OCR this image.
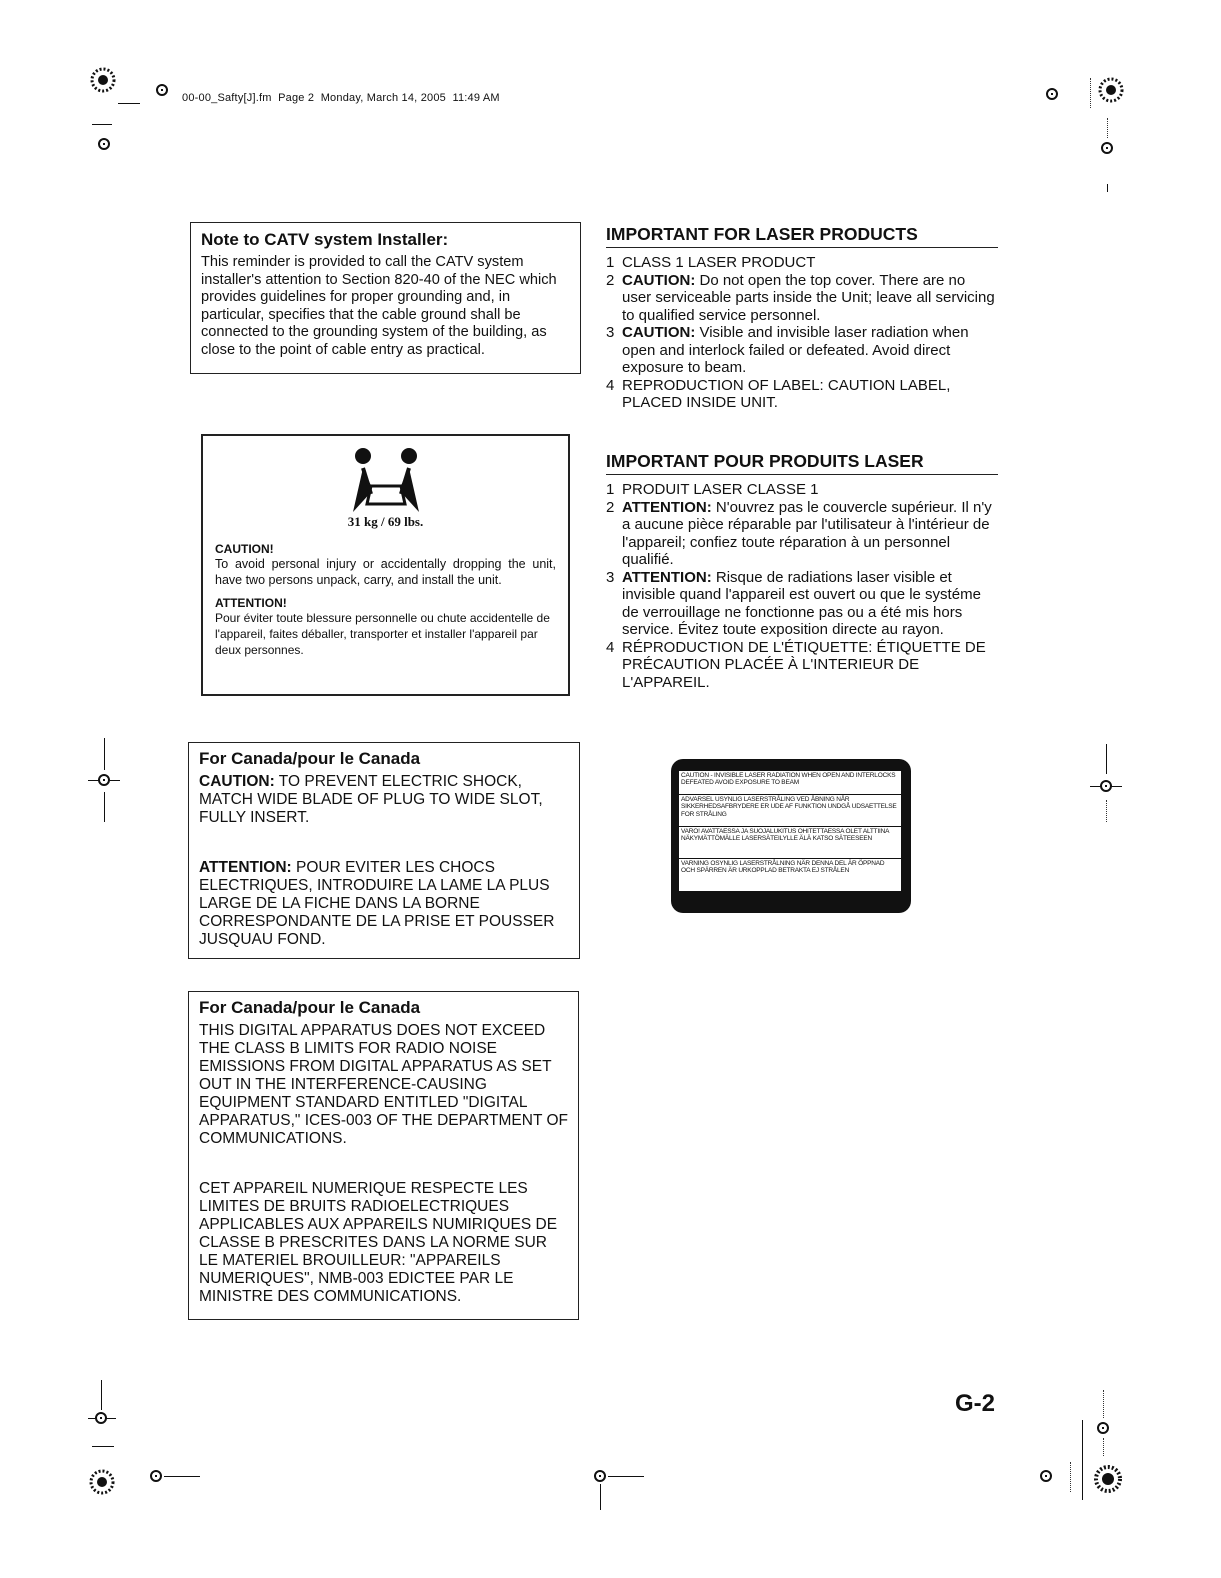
00-00_Safty[J].fm  Page 2  Monday, March 14, 2005  11:49 AM

Note to CATV system Installer:

This reminder is provided to call the CATV system installer's attention to Section 820-40 of the NEC which provides guidelines for proper grounding and, in particular, specifies that the cable ground shall be connected to the grounding system of the building, as close to the point of cable entry as practical.

31 kg / 69 lbs.
CAUTION!
To avoid personal injury or accidentally dropping the unit, have two persons unpack, carry, and install the unit.
ATTENTION!
Pour éviter toute blessure personnelle ou chute accidentelle de l'appareil, faites déballer, transporter et installer l'appareil par deux personnes.

For Canada/pour le Canada

CAUTION: TO PREVENT ELECTRIC SHOCK, MATCH WIDE BLADE OF PLUG TO WIDE SLOT, FULLY INSERT.

ATTENTION: POUR EVITER LES CHOCS ELECTRIQUES, INTRODUIRE LA LAME LA PLUS LARGE DE LA FICHE DANS LA BORNE CORRESPONDANTE DE LA PRISE ET POUSSER JUSQUAU FOND.

For Canada/pour le Canada

THIS DIGITAL APPARATUS DOES NOT EXCEED THE CLASS B LIMITS FOR RADIO NOISE EMISSIONS FROM DIGITAL APPARATUS AS SET OUT IN THE INTERFERENCE-CAUSING EQUIPMENT STANDARD ENTITLED "DIGITAL APPARATUS," ICES-003 OF THE DEPARTMENT OF COMMUNICATIONS.

CET APPAREIL NUMERIQUE RESPECTE LES LIMITES DE BRUITS RADIOELECTRIQUES APPLICABLES AUX APPAREILS NUMIRIQUES DE CLASSE B PRESCRITES DANS LA NORME SUR LE MATERIEL BROUILLEUR: "APPAREILS NUMERIQUES", NMB-003 EDICTEE PAR LE MINISTRE DES COMMUNICATIONS.

IMPORTANT FOR LASER PRODUCTS
1 CLASS 1 LASER PRODUCT
2 CAUTION: Do not open the top cover. There are no user serviceable parts inside the Unit; leave all servicing to qualified service personnel.
3 CAUTION: Visible and invisible laser radiation when open and interlock failed or defeated. Avoid direct exposure to beam.
4 REPRODUCTION OF LABEL: CAUTION LABEL, PLACED INSIDE UNIT.
IMPORTANT POUR PRODUITS LASER
1 PRODUIT LASER CLASSE 1
2 ATTENTION: N'ouvrez pas le couvercle supérieur. Il n'y a aucune pièce réparable par l'utilisateur à l'intérieur de l'appareil; confiez toute réparation à un personnel qualifié.
3 ATTENTION: Risque de radiations laser visible et invisible quand l'appareil est ouvert ou que le systéme de verrouillage ne fonctionne pas ou a été mis hors service. Évitez toute exposition directe au rayon.
4 RÉPRODUCTION DE L'ÉTIQUETTE: ÉTIQUETTE DE PRÉCAUTION PLACÉE À L'INTERIEUR DE L'APPAREIL.
CAUTION - INVISIBLE LASER RADIATION WHEN OPEN AND INTERLOCKS DEFEATED AVOID EXPOSURE TO BEAM
ADVARSEL USYNLIG LASERSTRÅLING VED ÅBNING NÅR SIKKERHEDSAFBRYDERE ER UDE AF FUNKTION UNDGÅ UDSAETTELSE FOR STRÅLING
VARO! AVATTAESSA JA SUOJALUKITUS OHITETTAESSA OLET ALTTIINA NÄKYMÄTTÖMÄLLE LASERSÄTEILYLLE ÄLÄ KATSO SÄTEESEEN
VARNING OSYNLIG LASERSTRÅLNING NÄR DENNA DEL ÄR ÖPPNAD OCH SPÄRREN ÄR URKOPPLAD BETRAKTA EJ STRÅLEN
G-2
